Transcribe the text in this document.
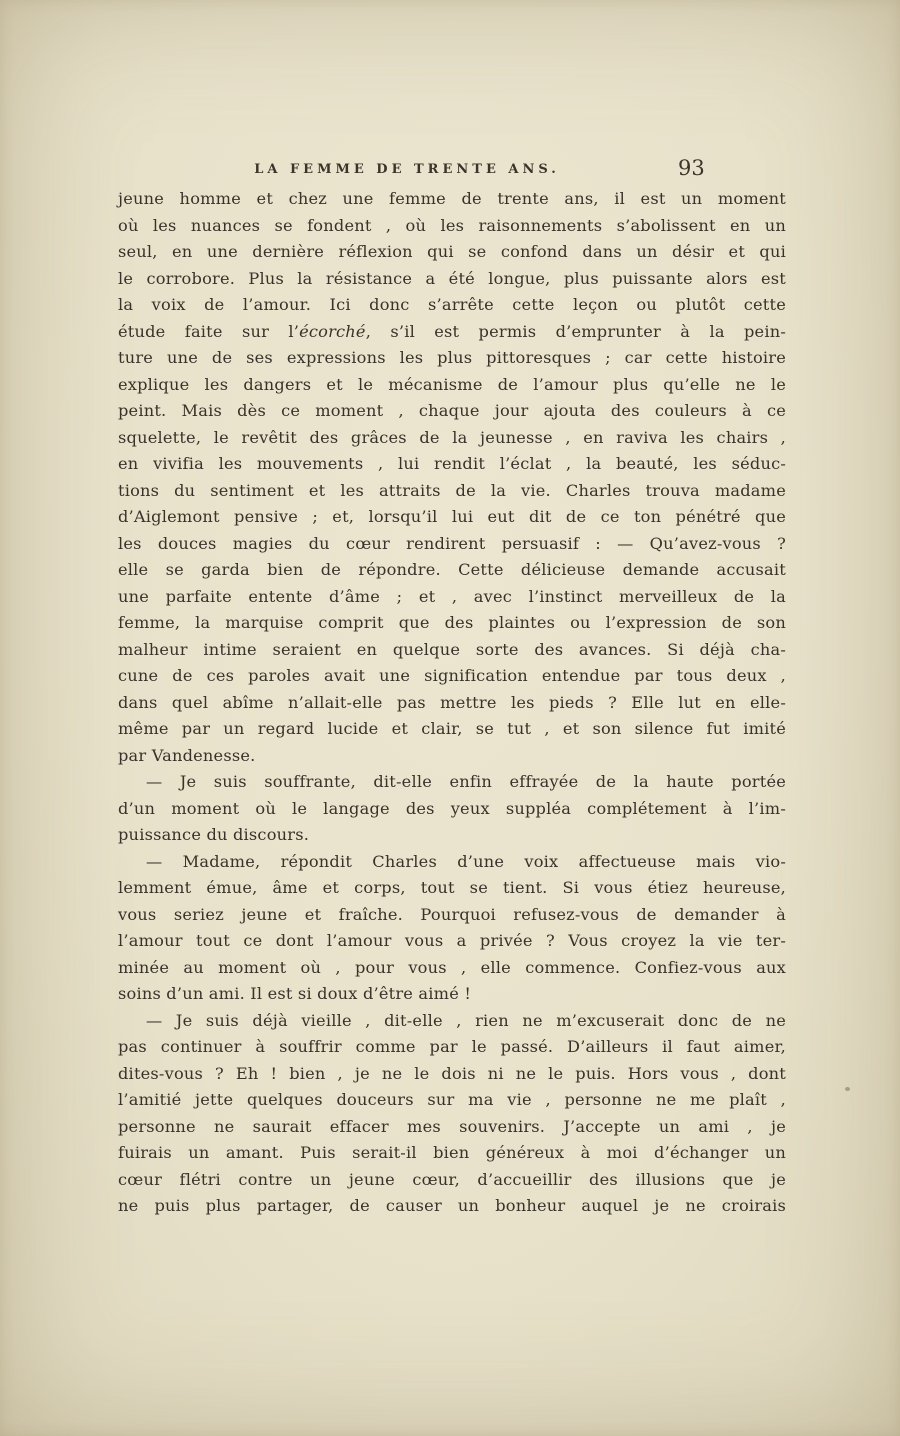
LA FEMME DE TRENTE ANS.	93
jeune homme et chez une femme de trente ans, il est un moment
où les nuances se fondent , où les raisonnements s’abolissent en un
seul, en une dernière réflexion qui se confond dans un désir et qui
le corrobore. Plus la résistance a été longue, plus puissante alors est
la voix de l’amour. Ici donc s’arrête cette leçon ou plutôt cette
étude faite sur l’écorché, s’il est permis d’emprunter à la pein-
ture une de ses expressions les plus pittoresques ; car cette histoire
explique les dangers et le mécanisme de l’amour plus qu’elle ne le
peint. Mais dès ce moment , chaque jour ajouta des couleurs à ce
squelette, le revêtit des grâces de la jeunesse , en raviva les chairs ,
en vivifia les mouvements , lui rendit l’éclat , la beauté, les séduc-
tions du sentiment et les attraits de la vie. Charles trouva madame
d’Aiglemont pensive ; et, lorsqu’il lui eut dit de ce ton pénétré que
les douces magies du cœur rendirent persuasif : — Qu’avez-vous ?
elle se garda bien de répondre. Cette délicieuse demande accusait
une parfaite entente d’âme ; et , avec l’instinct merveilleux de la
femme, la marquise comprit que des plaintes ou l’expression de son
malheur intime seraient en quelque sorte des avances. Si déjà cha-
cune de ces paroles avait une signification entendue par tous deux ,
dans quel abîme n’allait-elle pas mettre les pieds ? Elle lut en elle-
même par un regard lucide et clair, se tut , et son silence fut imité
par Vandenesse.
— Je suis souffrante, dit-elle enfin effrayée de la haute portée
d’un moment où le langage des yeux suppléa complétement à l’im-
puissance du discours.
— Madame, répondit Charles d’une voix affectueuse mais vio-
lemment émue, âme et corps, tout se tient. Si vous étiez heureuse,
vous seriez jeune et fraîche. Pourquoi refusez-vous de demander à
l’amour tout ce dont l’amour vous a privée ? Vous croyez la vie ter-
minée au moment où , pour vous , elle commence. Confiez-vous aux
soins d’un ami. Il est si doux d’être aimé !
— Je suis déjà vieille , dit-elle , rien ne m’excuserait donc de ne
pas continuer à souffrir comme par le passé. D’ailleurs il faut aimer,
dites-vous ? Eh ! bien , je ne le dois ni ne le puis. Hors vous , dont
l’amitié jette quelques douceurs sur ma vie , personne ne me plaît ,
personne ne saurait effacer mes souvenirs. J’accepte un ami , je
fuirais un amant. Puis serait-il bien généreux à moi d’échanger un
cœur flétri contre un jeune cœur, d’accueillir des illusions que je
ne puis plus partager, de causer un bonheur auquel je ne croirais
